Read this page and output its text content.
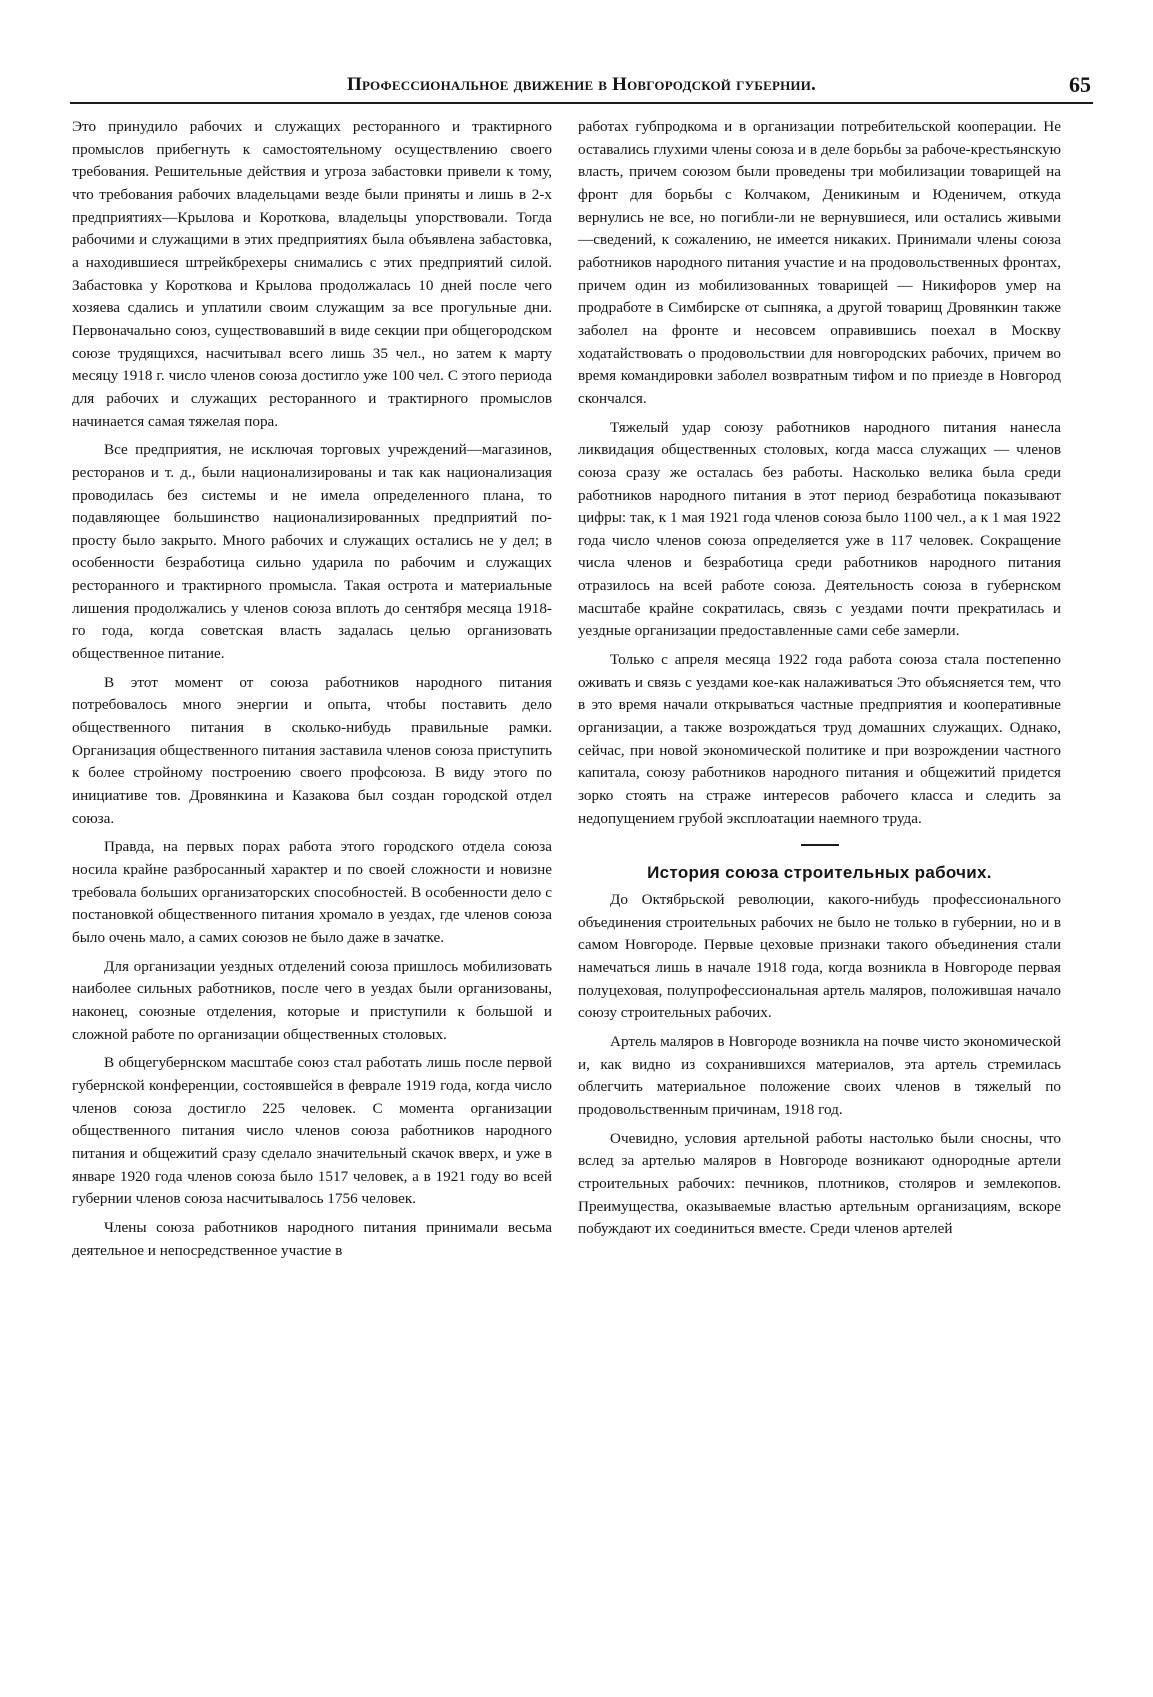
Профессиональное движение в Новгородской губернии.	65

Это принудило рабочих и служащих ресторанного и трактирного промыслов прибегнуть к самостоятельному осуществлению своего требования. Решительные действия и угроза забастовки привели к тому, что требования рабочих владельцами везде были приняты и лишь в 2-х предприятиях—Крылова и Короткова, владельцы упорствовали. Тогда рабочими и служащими в этих предприятиях была объявлена забастовка, а находившиеся штрейкбрехеры снимались с этих предприятий силой. Забастовка у Короткова и Крылова продолжалась 10 дней после чего хозяева сдались и уплатили своим служащим за все прогульные дни. Первоначально союз, существовавший в виде секции при общегородском союзе трудящихся, насчитывал всего лишь 35 чел., но затем к марту месяцу 1918 г. число членов союза достигло уже 100 чел. С этого периода для рабочих и служащих ресторанного и трактирного промыслов начинается самая тяжелая пора.

Все предприятия, не исключая торговых учреждений—магазинов, ресторанов и т. д., были национализированы и так как национализация проводилась без системы и не имела определенного плана, то подавляющее большинство национализированных предприятий по-просту было закрыто. Много рабочих и служащих остались не у дел; в особенности безработица сильно ударила по рабочим и служащих ресторанного и трактирного промысла. Такая острота и материальные лишения продолжались у членов союза вплоть до сентября месяца 1918-го года, когда советская власть задалась целью организовать общественное питание.

В этот момент от союза работников народного питания потребовалось много энергии и опыта, чтобы поставить дело общественного питания в сколько-нибудь правильные рамки. Организация общественного питания заставила членов союза приступить к более стройному построению своего профсоюза. В виду этого по инициативе тов. Дровянкина и Казакова был создан городской отдел союза.

Правда, на первых порах работа этого городского отдела союза носила крайне разбросанный характер и по своей сложности и новизне требовала больших организаторских способностей. В особенности дело с постановкой общественного питания хромало в уездах, где членов союза было очень мало, а самих союзов не было даже в зачатке.

Для организации уездных отделений союза пришлось мобилизовать наиболее сильных работников, после чего в уездах были организованы, наконец, союзные отделения, которые и приступили к большой и сложной работе по организации общественных столовых.

В общегубернском масштабе союз стал работать лишь после первой губернской конференции, состоявшейся в феврале 1919 года, когда число членов союза достигло 225 человек. С момента организации общественного питания число членов союза работников народного питания и общежитий сразу сделало значительный скачок вверх, и уже в январе 1920 года членов союза было 1517 человек, а в 1921 году во всей губернии членов союза насчитывалось 1756 человек.

Члены союза работников народного питания принимали весьма деятельное и непосредственное участие в

работах губпродкома и в организации потребительской кооперации. Не оставались глухими члены союза и в деле борьбы за рабоче-крестьянскую власть, причем союзом были проведены три мобилизации товарищей на фронт для борьбы с Колчаком, Деникиным и Юденичем, откуда вернулись не все, но погибли-ли не вернувшиеся, или остались живыми—сведений, к сожалению, не имеется никаких. Принимали члены союза работников народного питания участие и на продовольственных фронтах, причем один из мобилизованных товарищей — Никифоров умер на продработе в Симбирске от сыпняка, а другой товарищ Дровянкин также заболел на фронте и несовсем оправившись поехал в Москву ходатайствовать о продовольствии для новгородских рабочих, причем во время командировки заболел возвратным тифом и по приезде в Новгород скончался.

Тяжелый удар союзу работников народного питания нанесла ликвидация общественных столовых, когда масса служащих — членов союза сразу же осталась без работы. Насколько велика была среди работников народного питания в этот период безработица показывают цифры: так, к 1 мая 1921 года членов союза было 1100 чел., а к 1 мая 1922 года число членов союза определяется уже в 117 человек. Сокращение числа членов и безработица среди работников народного питания отразилось на всей работе союза. Деятельность союза в губернском масштабе крайне сократилась, связь с уездами почти прекратилась и уездные организации предоставленные сами себе замерли.

Только с апреля месяца 1922 года работа союза стала постепенно оживать и связь с уездами кое-как налаживаться Это объясняется тем, что в это время начали открываться частные предприятия и кооперативные организации, а также возрождаться труд домашних служащих. Однако, сейчас, при новой экономической политике и при возрождении частного капитала, союзу работников народного питания и общежитий придется зорко стоять на страже интересов рабочего класса и следить за недопущением грубой эксплоатации наемного труда.

История союза строительных рабочих.

До Октябрьской революции, какого-нибудь профессионального объединения строительных рабочих не было не только в губернии, но и в самом Новгороде. Первые цеховые признаки такого объединения стали намечаться лишь в начале 1918 года, когда возникла в Новгороде первая полуцеховая, полупрофессиональная артель маляров, положившая начало союзу строительных рабочих.

Артель маляров в Новгороде возникла на почве чисто экономической и, как видно из сохранившихся материалов, эта артель стремилась облегчить материальное положение своих членов в тяжелый по продовольственным причинам, 1918 год.

Очевидно, условия артельной работы настолько были сносны, что вслед за артелью маляров в Новгороде возникают однородные артели строительных рабочих: печников, плотников, столяров и землекопов. Преимущества, оказываемые властью артельным организациям, вскоре побуждают их соединиться вместе. Среди членов артелей
